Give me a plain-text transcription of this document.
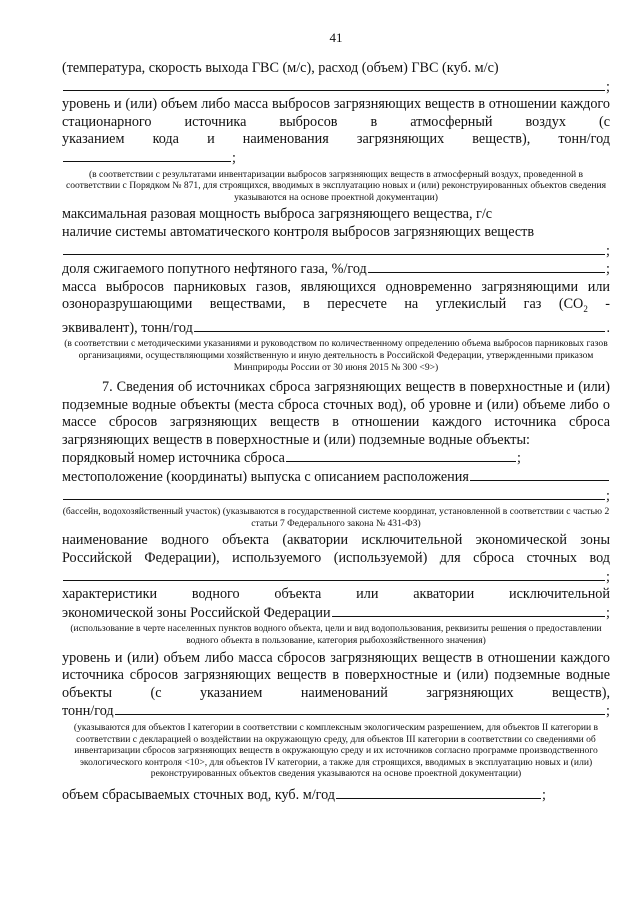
41

(температура, скорость выхода ГВС (м/с), расход (объем) ГВС (куб. м/с)

;

уровень и (или) объем либо масса выбросов загрязняющих веществ в отношении каждого стационарного источника выбросов в атмосферный воздух (с

указанием кода и наименования загрязняющих веществ), тонн/год

;

(в соответствии с результатами инвентаризации выбросов загрязняющих веществ в атмосферный воздух, проведенной в соответствии с Порядком № 871, для строящихся, вводимых в эксплуатацию новых и (или) реконструированных объектов сведения указываются на основе проектной документации)

максимальная разовая мощность выброса загрязняющего вещества, г/с

наличие системы автоматического контроля выбросов загрязняющих веществ

;
доля сжигаемого попутного нефтяного газа, %/год	;

масса выбросов парниковых газов, являющихся одновременно загрязняющими или озоноразрушающими веществами, в пересчете на углекислый газ ($CO_2$ -

эквивалент), тонн/год	.

(в соответствии с методическими указаниями и руководством по количественному определению объема выбросов парниковых газов организациями, осуществляющими хозяйственную и иную деятельность в Российской Федерации, утвержденными приказом Минприроды России от 30 июня 2015 № 300 <9>)

7. Сведения об источниках сброса загрязняющих веществ в поверхностные и (или) подземные водные объекты (места сброса сточных вод), об уровне и (или) объеме либо о массе сбросов загрязняющих веществ в отношении каждого источника сброса загрязняющих веществ в поверхностные и (или) подземные водные объекты:

порядковый номер источника сброса	;
местоположение (координаты) выпуска с описанием расположения
;

(бассейн, водохозяйственный участок) (указываются в государственной системе координат, установленной в соответствии с частью 2 статьи 7 Федерального закона № 431-ФЗ)

наименование водного объекта (акватории исключительной экономической зоны Российской Федерации), используемого (используемой) для сброса сточных вод

;

характеристики водного объекта или акватории исключительной

экономической зоны Российской Федерации	;

(использование в черте населенных пунктов водного объекта, цели и вид водопользования, реквизиты решения о предоставлении водного объекта в пользование, категория рыбохозяйственного значения)

уровень и (или) объем либо масса сбросов загрязняющих веществ в отношении каждого источника сбросов загрязняющих веществ в поверхностные и (или) подземные водные объекты (с указанием наименований загрязняющих веществ),

тонн/год	;

(указываются для объектов I категории в соответствии с комплексным экологическим разрешением, для объектов II категории в соответствии с декларацией о воздействии на окружающую среду, для объектов III категории в соответствии со сведениями об инвентаризации сбросов загрязняющих веществ в окружающую среду и их источников согласно программе производственного экологического контроля <10>, для объектов IV категории, а также для строящихся, вводимых в эксплуатацию новых и (или) реконструированных объектов сведения указываются на основе проектной документации)

объем сбрасываемых сточных вод, куб. м/год	;
